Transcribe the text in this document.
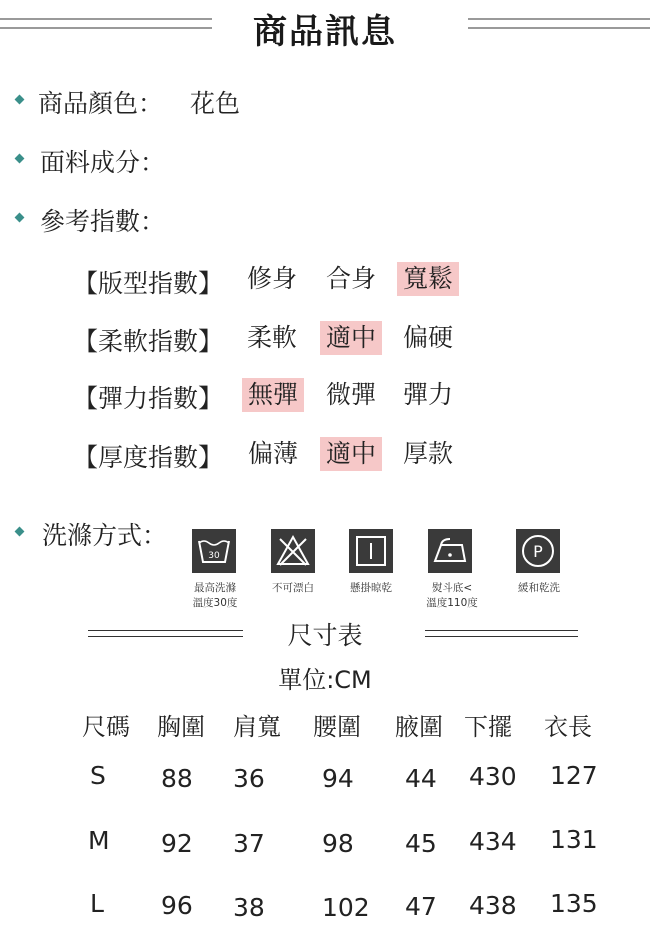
商品訊息
商品顏色： 花色
面料成分：
參考指數：
【版型指數】 修身 合身 寬鬆
【柔軟指數】 柔軟 適中 偏硬
【彈力指數】 無彈 微彈 彈力
【厚度指數】 偏薄 適中 厚款
洗滌方式：
30
最高洗滌
溫度30度
不可漂白	懸掛晾乾	熨斗底<
溫度110度
P
緩和乾洗
尺寸表
單位:CM
尺碼 胸圍 肩寬 腰圍 腋圍 下擺 衣長
S 88 36 94 44 430 127
M 92 37 98 45 434 131
L 96 38 102 47 438 135
